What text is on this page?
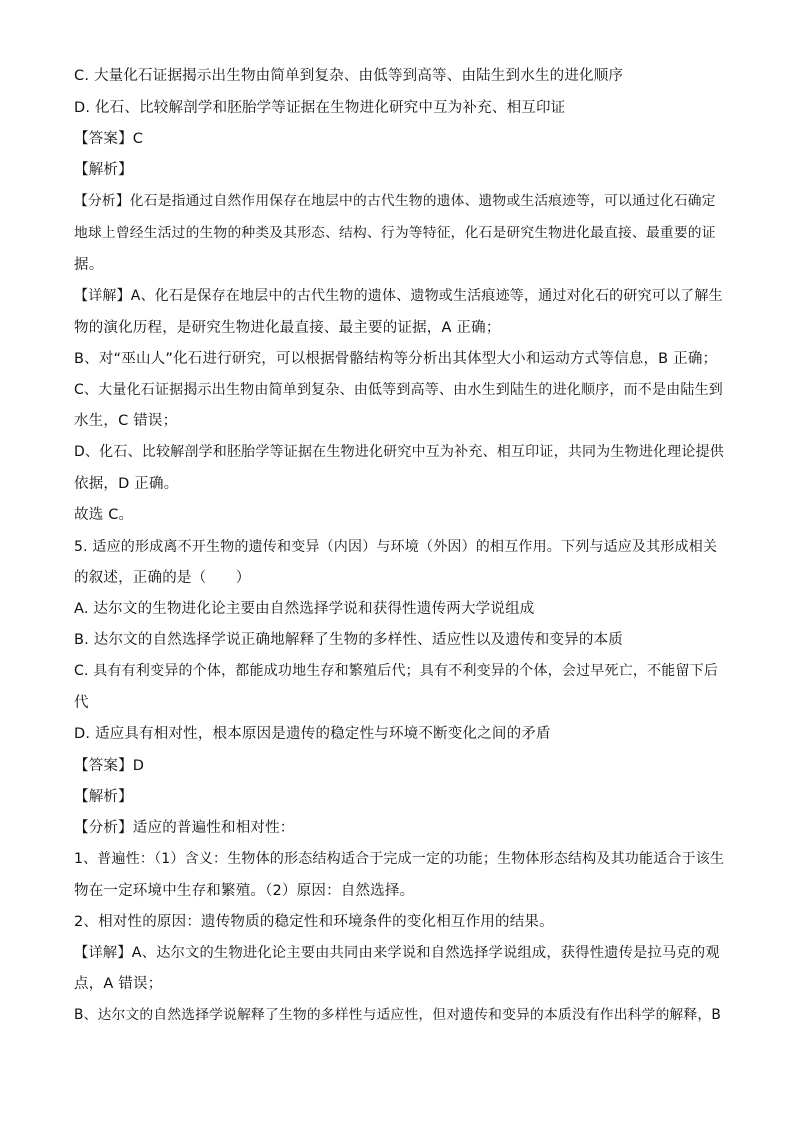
C. 大量化石证据揭示出生物由简单到复杂、由低等到高等、由陆生到水生的进化顺序
D. 化石、比较解剖学和胚胎学等证据在生物进化研究中互为补充、相互印证
【答案】C
【解析】
【分析】化石是指通过自然作用保存在地层中的古代生物的遗体、遗物或生活痕迹等，可以通过化石确定
地球上曾经生活过的生物的种类及其形态、结构、行为等特征，化石是研究生物进化最直接、最重要的证
据。
【详解】A、化石是保存在地层中的古代生物的遗体、遗物或生活痕迹等，通过对化石的研究可以了解生
物的演化历程，是研究生物进化最直接、最主要的证据，A 正确；
B、对“巫山人”化石进行研究，可以根据骨骼结构等分析出其体型大小和运动方式等信息，B 正确；
C、大量化石证据揭示出生物由简单到复杂、由低等到高等、由水生到陆生的进化顺序，而不是由陆生到
水生，C 错误；
D、化石、比较解剖学和胚胎学等证据在生物进化研究中互为补充、相互印证，共同为生物进化理论提供
依据，D 正确。
故选 C。
5. 适应的形成离不开生物的遗传和变异（内因）与环境（外因）的相互作用。下列与适应及其形成相关
的叙述，正确的是（　　）
A. 达尔文的生物进化论主要由自然选择学说和获得性遗传两大学说组成
B. 达尔文的自然选择学说正确地解释了生物的多样性、适应性以及遗传和变异的本质
C. 具有有利变异的个体，都能成功地生存和繁殖后代；具有不利变异的个体，会过早死亡，不能留下后
代
D. 适应具有相对性，根本原因是遗传的稳定性与环境不断变化之间的矛盾
【答案】D
【解析】
【分析】适应的普遍性和相对性：
1、普遍性：（1）含义：生物体的形态结构适合于完成一定的功能；生物体形态结构及其功能适合于该生
物在一定环境中生存和繁殖。（2）原因：自然选择。
2、相对性的原因：遗传物质的稳定性和环境条件的变化相互作用的结果。
【详解】A、达尔文的生物进化论主要由共同由来学说和自然选择学说组成，获得性遗传是拉马克的观
点，A 错误；
B、达尔文的自然选择学说解释了生物的多样性与适应性，但对遗传和变异的本质没有作出科学的解释，B
